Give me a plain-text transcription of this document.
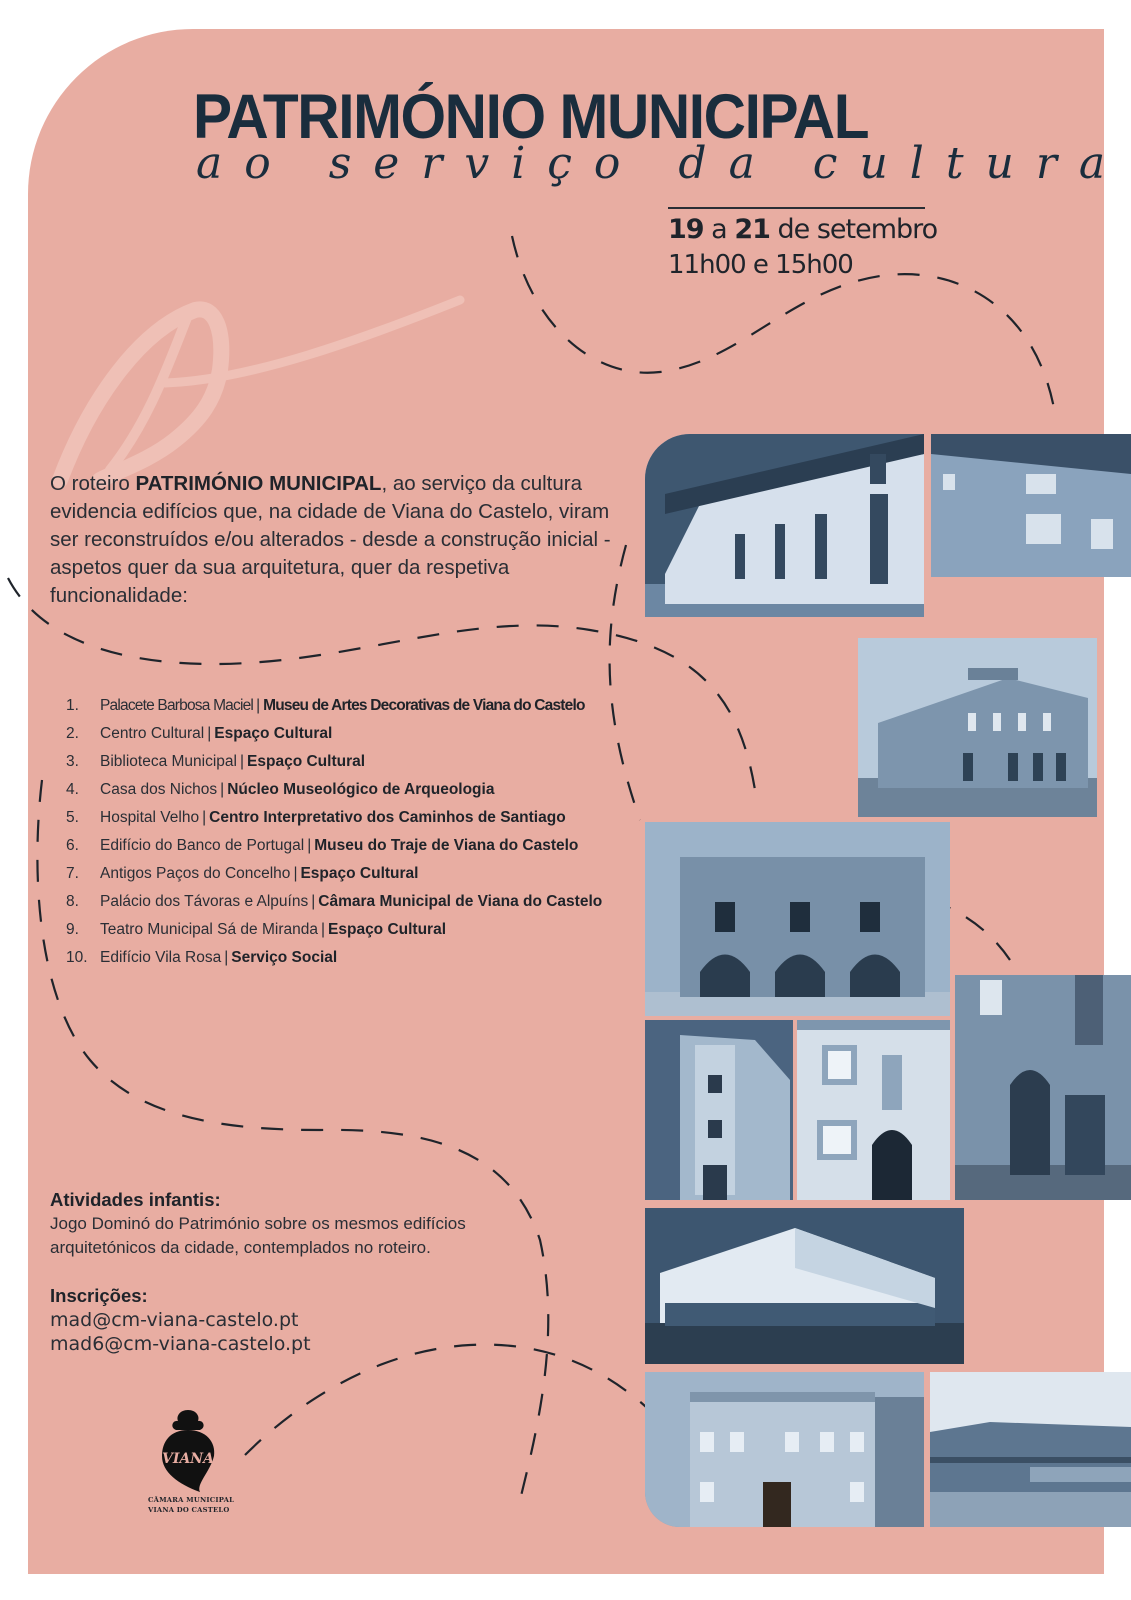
PATRIMÓNIO MUNICIPAL
ao serviço da cultura
19 a 21 de setembro
11h00 e 15h00

O roteiro PATRIMÓNIO MUNICIPAL, ao serviço da cultura evidencia edifícios que, na cidade de Viana do Castelo, viram ser reconstruídos e/ou alterados - desde a construção inicial - aspetos quer da sua arquitetura, quer da respetiva funcionalidade:

1.	Palacete Barbosa Maciel | Museu de Artes Decorativas de Viana do Castelo
2.	Centro Cultural | Espaço Cultural
3.	Biblioteca Municipal | Espaço Cultural
4.	Casa dos Nichos | Núcleo Museológico de Arqueologia
5.	Hospital Velho | Centro Interpretativo dos Caminhos de Santiago
6.	Edifício do Banco de Portugal | Museu do Traje de Viana do Castelo
7.	Antigos Paços do Concelho | Espaço Cultural
8.	Palácio dos Távoras e Alpuíns | Câmara Municipal de Viana do Castelo
9.	Teatro Municipal Sá de Miranda | Espaço Cultural
10. Edifício Vila Rosa | Serviço Social
Atividades infantis:
Jogo Dominó do Património sobre os mesmos edifícios arquitetónicos da cidade, contemplados no roteiro.
Inscrições:
mad@cm-viana-castelo.pt
mad6@cm-viana-castelo.pt
VIANA
CÂMARA MUNICIPAL
VIANA DO CASTELO
